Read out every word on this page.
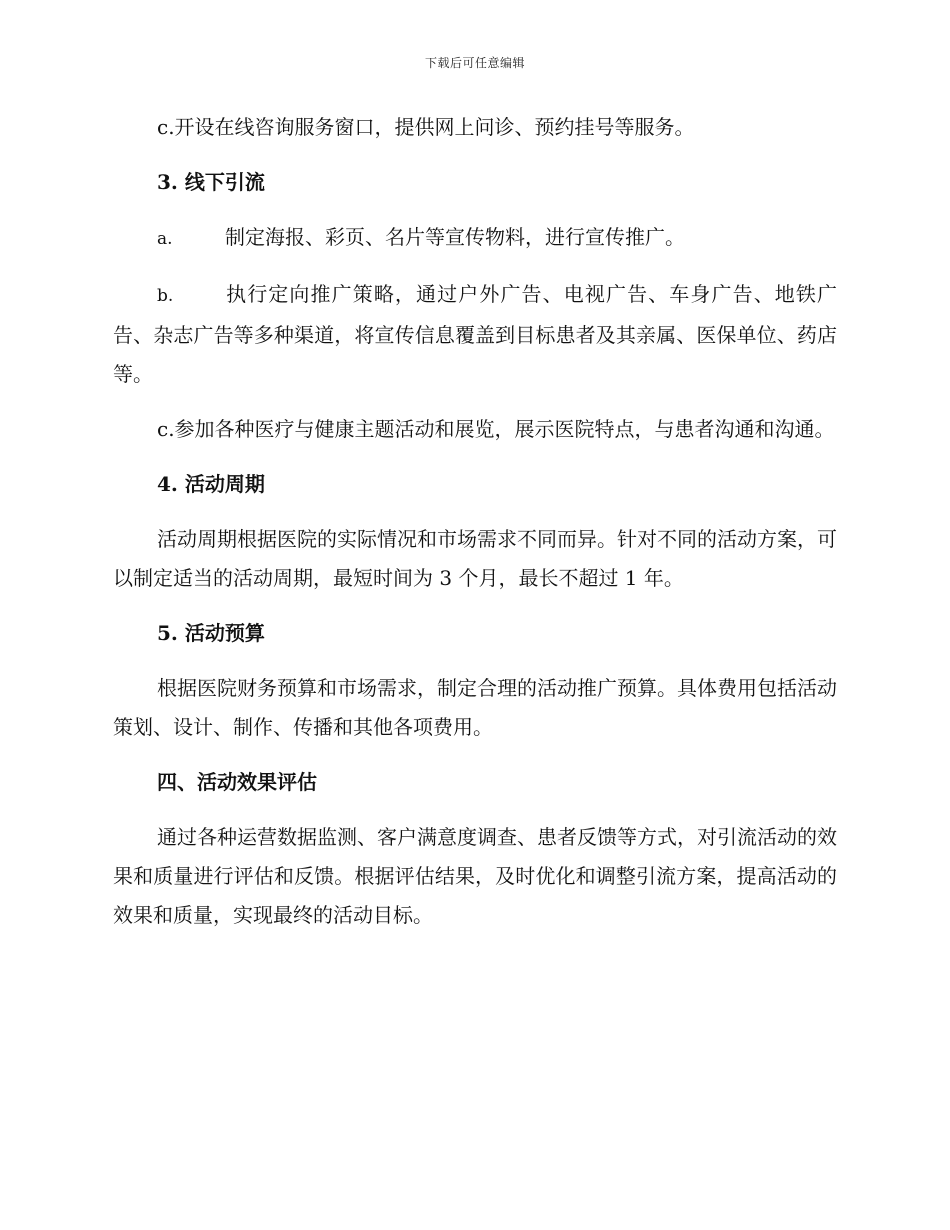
下载后可任意编辑

c.开设在线咨询服务窗口，提供网上问诊、预约挂号等服务。

3. 线下引流

a.	制定海报、彩页、名片等宣传物料，进行宣传推广。

b.	执行定向推广策略，通过户外广告、电视广告、车身广告、地铁广告、杂志广告等多种渠道，将宣传信息覆盖到目标患者及其亲属、医保单位、药店等。

c.参加各种医疗与健康主题活动和展览，展示医院特点，与患者沟通和沟通。

4. 活动周期

活动周期根据医院的实际情况和市场需求不同而异。针对不同的活动方案，可以制定适当的活动周期，最短时间为 3 个月，最长不超过 1 年。

5. 活动预算

根据医院财务预算和市场需求，制定合理的活动推广预算。具体费用包括活动策划、设计、制作、传播和其他各项费用。

四、活动效果评估

通过各种运营数据监测、客户满意度调查、患者反馈等方式，对引流活动的效果和质量进行评估和反馈。根据评估结果，及时优化和调整引流方案，提高活动的效果和质量，实现最终的活动目标。
